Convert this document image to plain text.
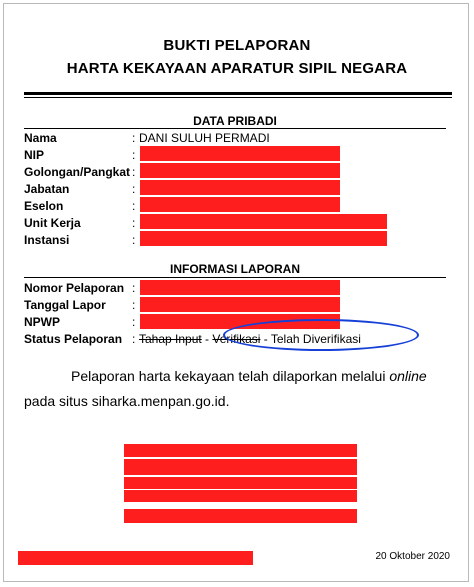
BUKTI PELAPORAN
HARTA KEKAYAAN APARATUR SIPIL NEGARA
DATA PRIBADI
Nama	: DANI SULUH PERMADI
NIP	:
Golongan/Pangkat :
Jabatan	:
Eselon	:
Unit Kerja	:
Instansi	:
INFORMASI LAPORAN
Nomor Pelaporan :
Tanggal Lapor :
NPWP	:
Status Pelaporan : Tahap Input - Verifikasi - Telah Diverifikasi
Pelaporan harta kekayaan telah dilaporkan melalui online
pada situs siharka.menpan.go.id.
20 Oktober 2020
